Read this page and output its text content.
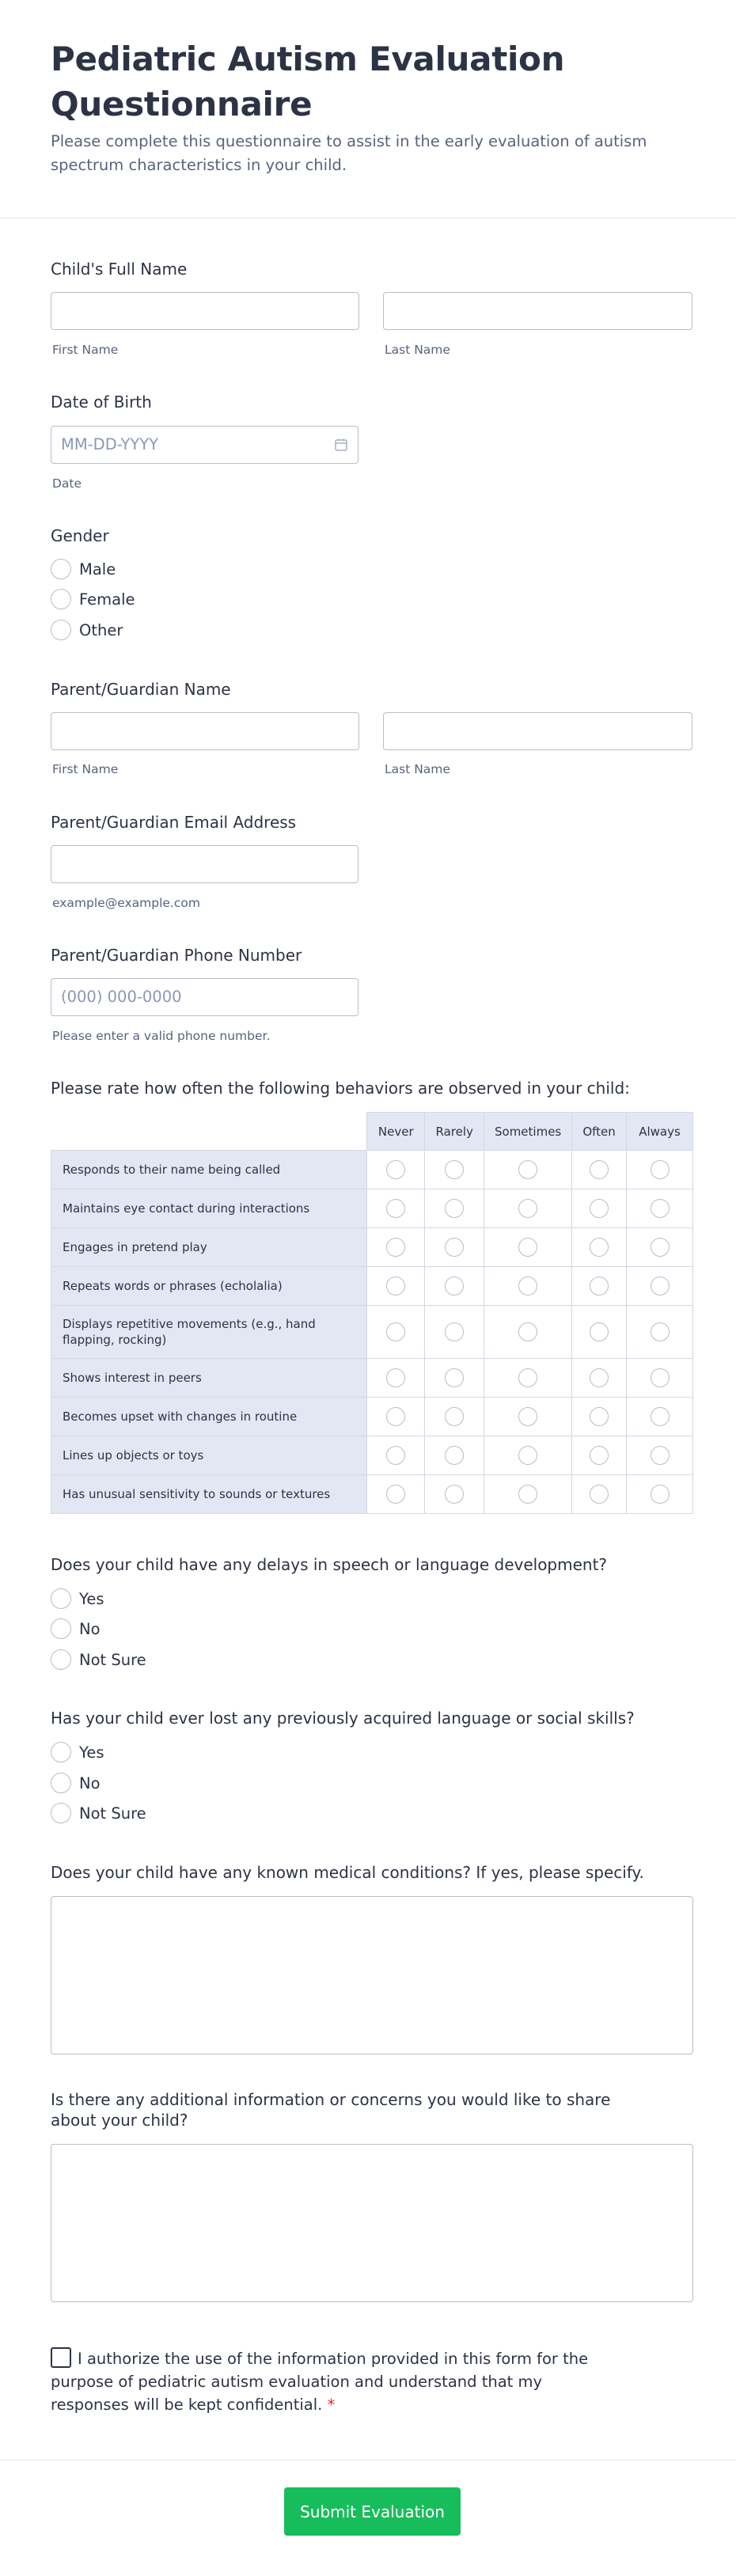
Pediatric Autism Evaluation Questionnaire

Please complete this questionnaire to assist in the early evaluation of autism spectrum characteristics in your child.

Child's Full Name
First Name	Last Name
Date of Birth
MM-DD-YYYY
Date
Gender
Male
Female
Other
Parent/Guardian Name
First Name	Last Name
Parent/Guardian Email Address
example@example.com
Parent/Guardian Phone Number
(000) 000-0000
Please enter a valid phone number.
Please rate how often the following behaviors are observed in your child:
	Never	Rarely	Sometimes	Often	Always
Responds to their name being called					
Maintains eye contact during interactions					
Engages in pretend play					
Repeats words or phrases (echolalia)					
Displays repetitive movements (e.g., hand flapping, rocking)					
Shows interest in peers					
Becomes upset with changes in routine					
Lines up objects or toys					
Has unusual sensitivity to sounds or textures					
Does your child have any delays in speech or language development?
Yes
No
Not Sure
Has your child ever lost any previously acquired language or social skills?
Yes
No
Not Sure
Does your child have any known medical conditions? If yes, please specify.
Is there any additional information or concerns you would like to share about your child?
I authorize the use of the information provided in this form for the purpose of pediatric autism evaluation and understand that my responses will be kept confidential. *
Submit Evaluation
